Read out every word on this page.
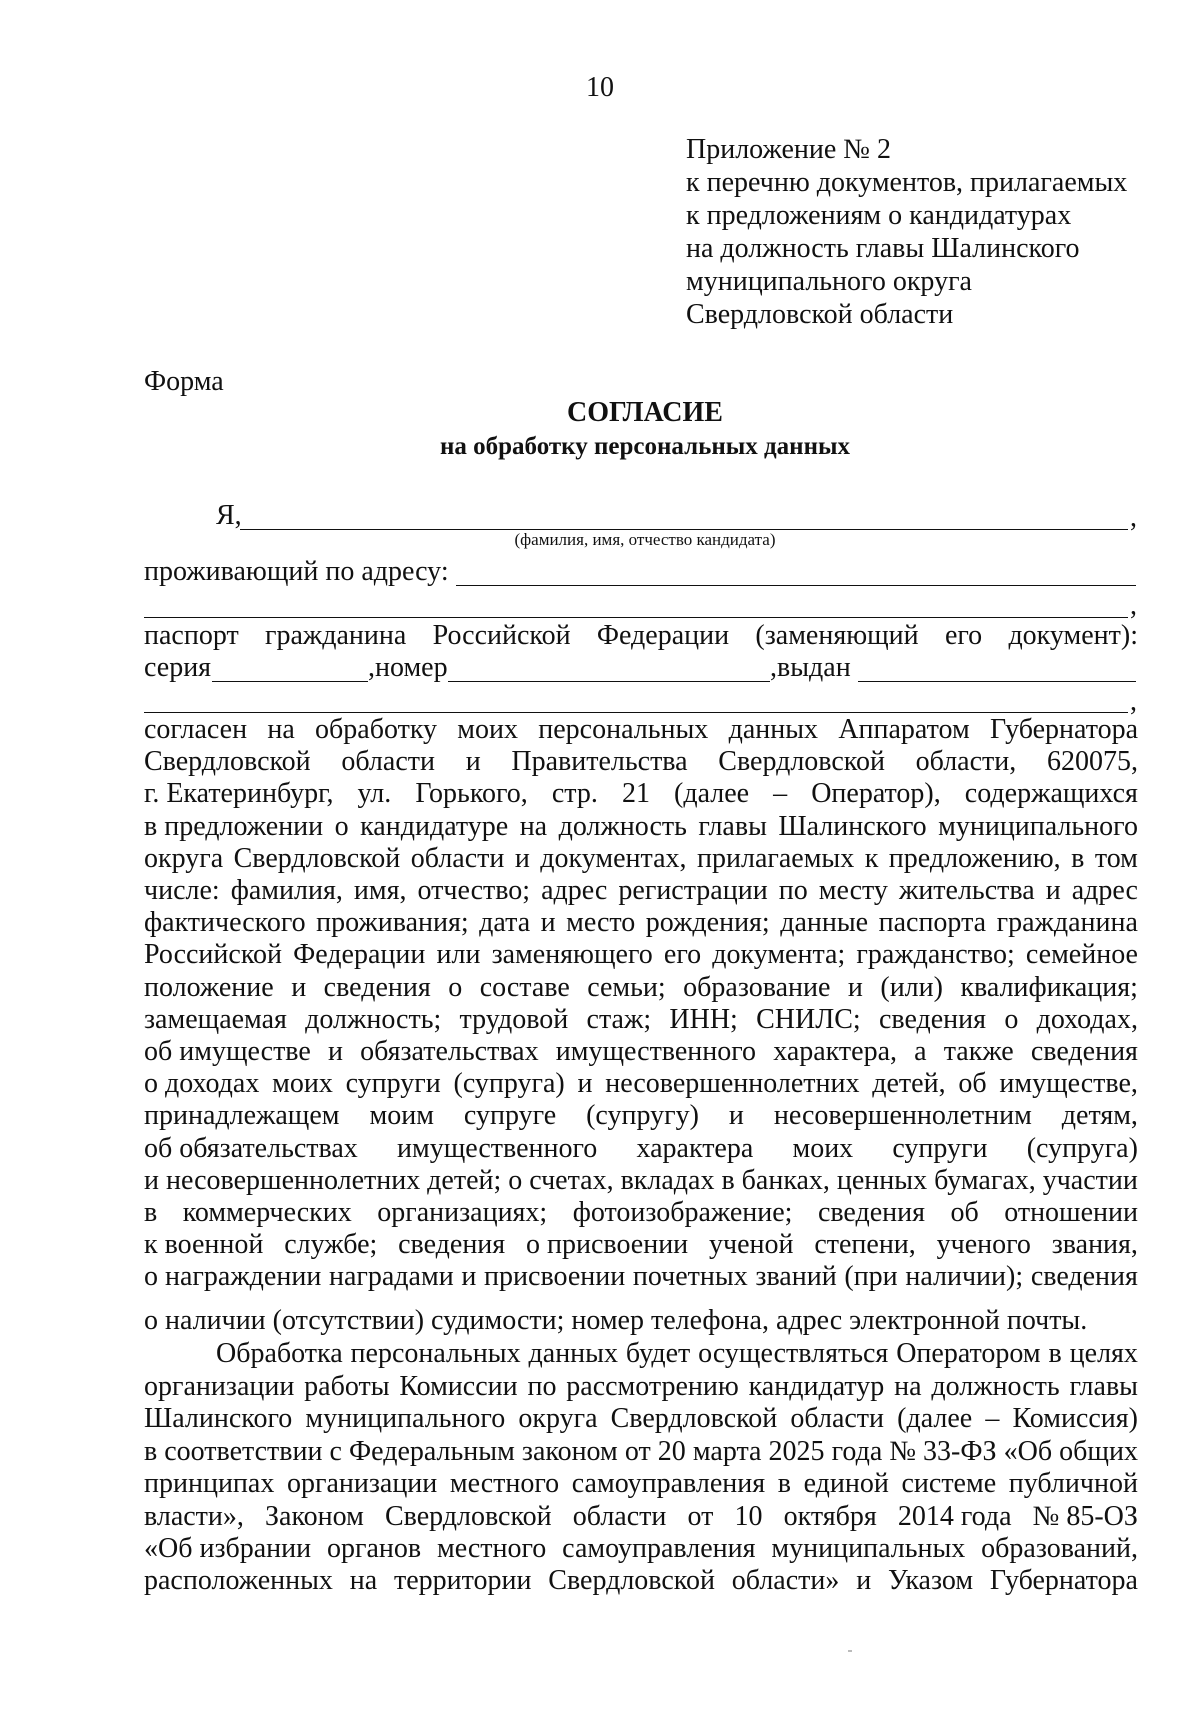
10
Приложение № 2
к перечню документов, прилагаемых
к предложениям о кандидатурах
на должность главы Шалинского
муниципального округа
Свердловской области
Форма
СОГЛАСИЕ
на обработку персональных данных
Я,	,
(фамилия, имя, отчество кандидата)
проживающий по адресу:
,
паспорт гражданина Российской Федерации (заменяющий его документ):
серия	,номер	,выдан
,
согласен на обработку моих персональных данных Аппаратом Губернатора
Свердловской области и Правительства Свердловской области, 620075,
г. Екатеринбург, ул. Горького, стр. 21 (далее – Оператор), содержащихся
в предложении о кандидатуре на должность главы Шалинского муниципального
округа Свердловской области и документах, прилагаемых к предложению, в том
числе: фамилия, имя, отчество; адрес регистрации по месту жительства и адрес
фактического проживания; дата и место рождения; данные паспорта гражданина
Российской Федерации или заменяющего его документа; гражданство; семейное
положение и сведения о составе семьи; образование и (или) квалификация;
замещаемая должность; трудовой стаж; ИНН; СНИЛС; сведения о доходах,
об имуществе и обязательствах имущественного характера, а также сведения
о доходах моих супруги (супруга) и несовершеннолетних детей, об имуществе,
принадлежащем моим супруге (супругу) и несовершеннолетним детям,
об обязательствах имущественного характера моих супруги (супруга)
и несовершеннолетних детей; о счетах, вкладах в банках, ценных бумагах, участии
в коммерческих организациях; фотоизображение; сведения об отношении
к военной службе; сведения о присвоении ученой степени, ученого звания,
о награждении наградами и присвоении почетных званий (при наличии); сведения
о наличии (отсутствии) судимости; номер телефона, адрес электронной почты.
Обработка персональных данных будет осуществляться Оператором в целях
организации работы Комиссии по рассмотрению кандидатур на должность главы
Шалинского муниципального округа Свердловской области (далее – Комиссия)
в соответствии с Федеральным законом от 20 марта 2025 года № 33-ФЗ «Об общих
принципах организации местного самоуправления в единой системе публичной
власти», Законом Свердловской области от 10 октября 2014 года № 85-ОЗ
«Об избрании органов местного самоуправления муниципальных образований,
расположенных на территории Свердловской области» и Указом Губернатора
